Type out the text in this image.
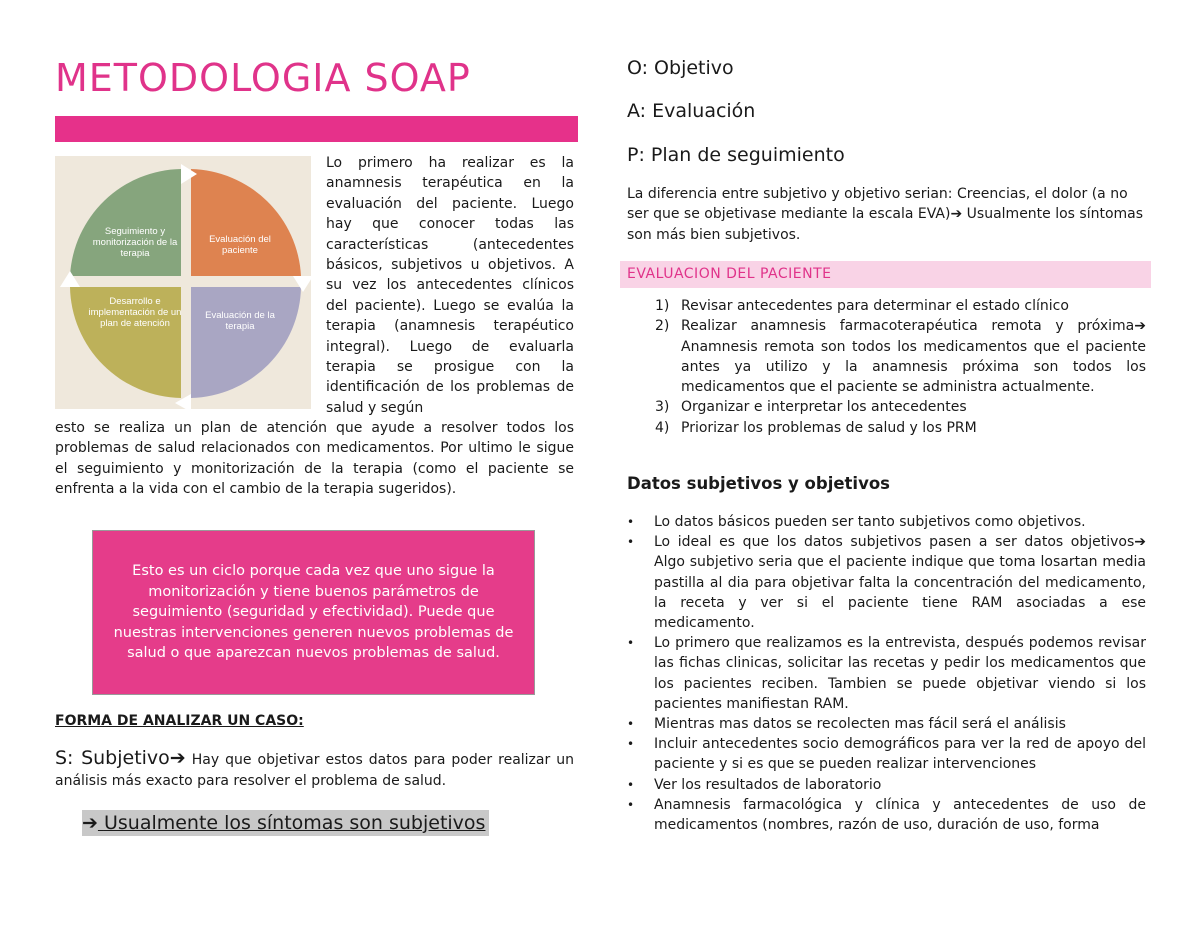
METODOLOGIA SOAP
Seguimiento y monitorización de la terapia
Evaluación del paciente
Desarrollo e implementación de un plan de atención
Evaluación de la terapia
Lo primero ha realizar es la anamnesis terapéutica en la evaluación del paciente. Luego hay que conocer todas las características (antecedentes básicos, subjetivos u objetivos. A su vez los antecedentes clínicos del paciente). Luego se evalúa la terapia (anamnesis terapéutico integral). Luego de evaluarla terapia se prosigue con la identificación de los problemas de salud y según
esto se realiza un plan de atención que ayude a resolver todos los problemas de salud relacionados con medicamentos. Por ultimo le sigue el seguimiento y monitorización de la terapia (como el paciente se enfrenta a la vida con el cambio de la terapia sugeridos).
Esto es un ciclo porque cada vez que uno sigue la monitorización y tiene buenos parámetros de seguimiento (seguridad y efectividad). Puede que nuestras intervenciones generen nuevos problemas de salud o que aparezcan nuevos problemas de salud.
FORMA DE ANALIZAR UN CASO:
S: Subjetivo➔ Hay que objetivar estos datos para poder realizar un análisis más exacto para resolver el problema de salud.
➔ Usualmente los síntomas son subjetivos
O: Objetivo
A: Evaluación
P: Plan de seguimiento
La diferencia entre subjetivo y objetivo serian: Creencias, el dolor (a no ser que se objetivase mediante la escala EVA)➔ Usualmente los síntomas son más bien subjetivos.
EVALUACION DEL PACIENTE
1) Revisar antecedentes para determinar el estado clínico
2) Realizar anamnesis farmacoterapéutica remota y próxima➔ Anamnesis remota son todos los medicamentos que el paciente antes ya utilizo y la anamnesis próxima son todos los medicamentos que el paciente se administra actualmente.
3) Organizar e interpretar los antecedentes
4) Priorizar los problemas de salud y los PRM
Datos subjetivos y objetivos
• Lo datos básicos pueden ser tanto subjetivos como objetivos.
• Lo ideal es que los datos subjetivos pasen a ser datos objetivos➔ Algo subjetivo seria que el paciente indique que toma losartan media pastilla al dia para objetivar falta la concentración del medicamento, la receta y ver si el paciente tiene RAM asociadas a ese medicamento.
• Lo primero que realizamos es la entrevista, después podemos revisar las fichas clinicas, solicitar las recetas y pedir los medicamentos que los pacientes reciben. Tambien se puede objetivar viendo si los pacientes manifiestan RAM.
• Mientras mas datos se recolecten mas fácil será el análisis
• Incluir antecedentes socio demográficos para ver la red de apoyo del paciente y si es que se pueden realizar intervenciones
• Ver los resultados de laboratorio
• Anamnesis farmacológica y clínica y antecedentes de uso de medicamentos (nombres, razón de uso, duración de uso, forma
